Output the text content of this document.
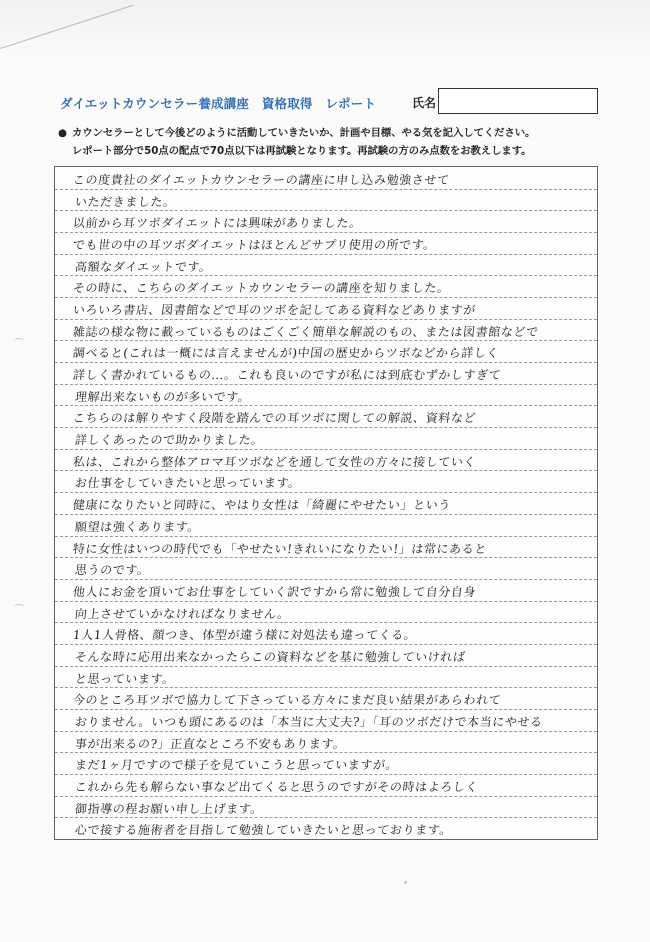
ダイエットカウンセラー養成講座　資格取得　レポート	氏名
● カウンセラーとして今後どのように活動していきたいか、計画や目標、やる気を記入してください。
レポート部分で50点の配点で70点以下は再試験となります。再試験の方のみ点数をお教えします。
この度貴社のダイエットカウンセラーの講座に申し込み勉強させて
いただきました。
以前から耳ツボダイエットには興味がありました。
でも世の中の耳ツボダイエットはほとんどサプリ使用の所です。
高額なダイエットです。
その時に、こちらのダイエットカウンセラーの講座を知りました。
いろいろ書店、図書館などで耳のツボを記してある資料などありますが
雑誌の様な物に載っているものはごくごく簡単な解説のもの、または図書館などで
調べると(これは一概には言えませんが)中国の歴史からツボなどから詳しく
詳しく書かれているもの…。これも良いのですが私には到底むずかしすぎて
理解出来ないものが多いです。
こちらのは解りやすく段階を踏んでの耳ツボに関しての解説、資料など
詳しくあったので助かりました。
私は、これから整体アロマ耳ツボなどを通して女性の方々に接していく
お仕事をしていきたいと思っています。
健康になりたいと同時に、やはり女性は「綺麗にやせたい」という
願望は強くあります。
特に女性はいつの時代でも「やせたい!きれいになりたい!」は常にあると
思うのです。
他人にお金を頂いてお仕事をしていく訳ですから常に勉強して自分自身
向上させていかなければなりません。
1人1人骨格、顔つき、体型が違う様に対処法も違ってくる。
そんな時に応用出来なかったらこの資料などを基に勉強していければ
と思っています。
今のところ耳ツボで協力して下さっている方々にまだ良い結果があらわれて
おりません。いつも頭にあるのは「本当に大丈夫?」「耳のツボだけで本当にやせる
事が出来るの?」正直なところ不安もあります。
まだ1ヶ月ですので様子を見ていこうと思っていますが。
これから先も解らない事など出てくると思うのですがその時はよろしく
御指導の程お願い申し上げます。
心で接する施術者を目指して勉強していきたいと思っております。
